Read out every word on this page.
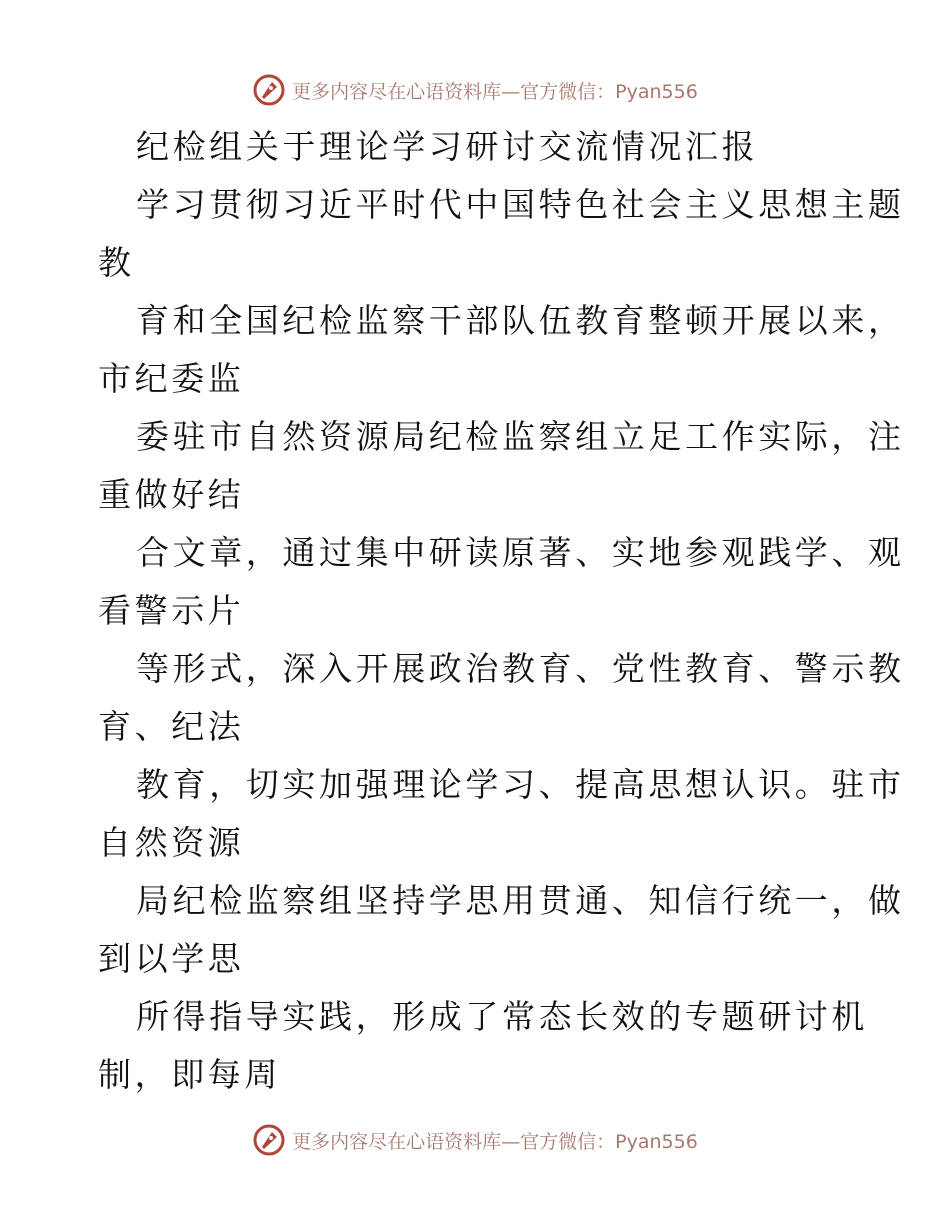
更多内容尽在心语资料库—官方微信：Pyan556
纪检组关于理论学习研讨交流情况汇报
学习贯彻习近平时代中国特色社会主义思想主题
教
育和全国纪检监察干部队伍教育整顿开展以来，
市纪委监
委驻市自然资源局纪检监察组立足工作实际，注
重做好结
合文章，通过集中研读原著、实地参观践学、观
看警示片
等形式，深入开展政治教育、党性教育、警示教
育、纪法
教育，切实加强理论学习、提高思想认识。驻市
自然资源
局纪检监察组坚持学思用贯通、知信行统一，做
到以学思
所得指导实践，形成了常态长效的专题研讨机
制，即每周
更多内容尽在心语资料库—官方微信：Pyan556
